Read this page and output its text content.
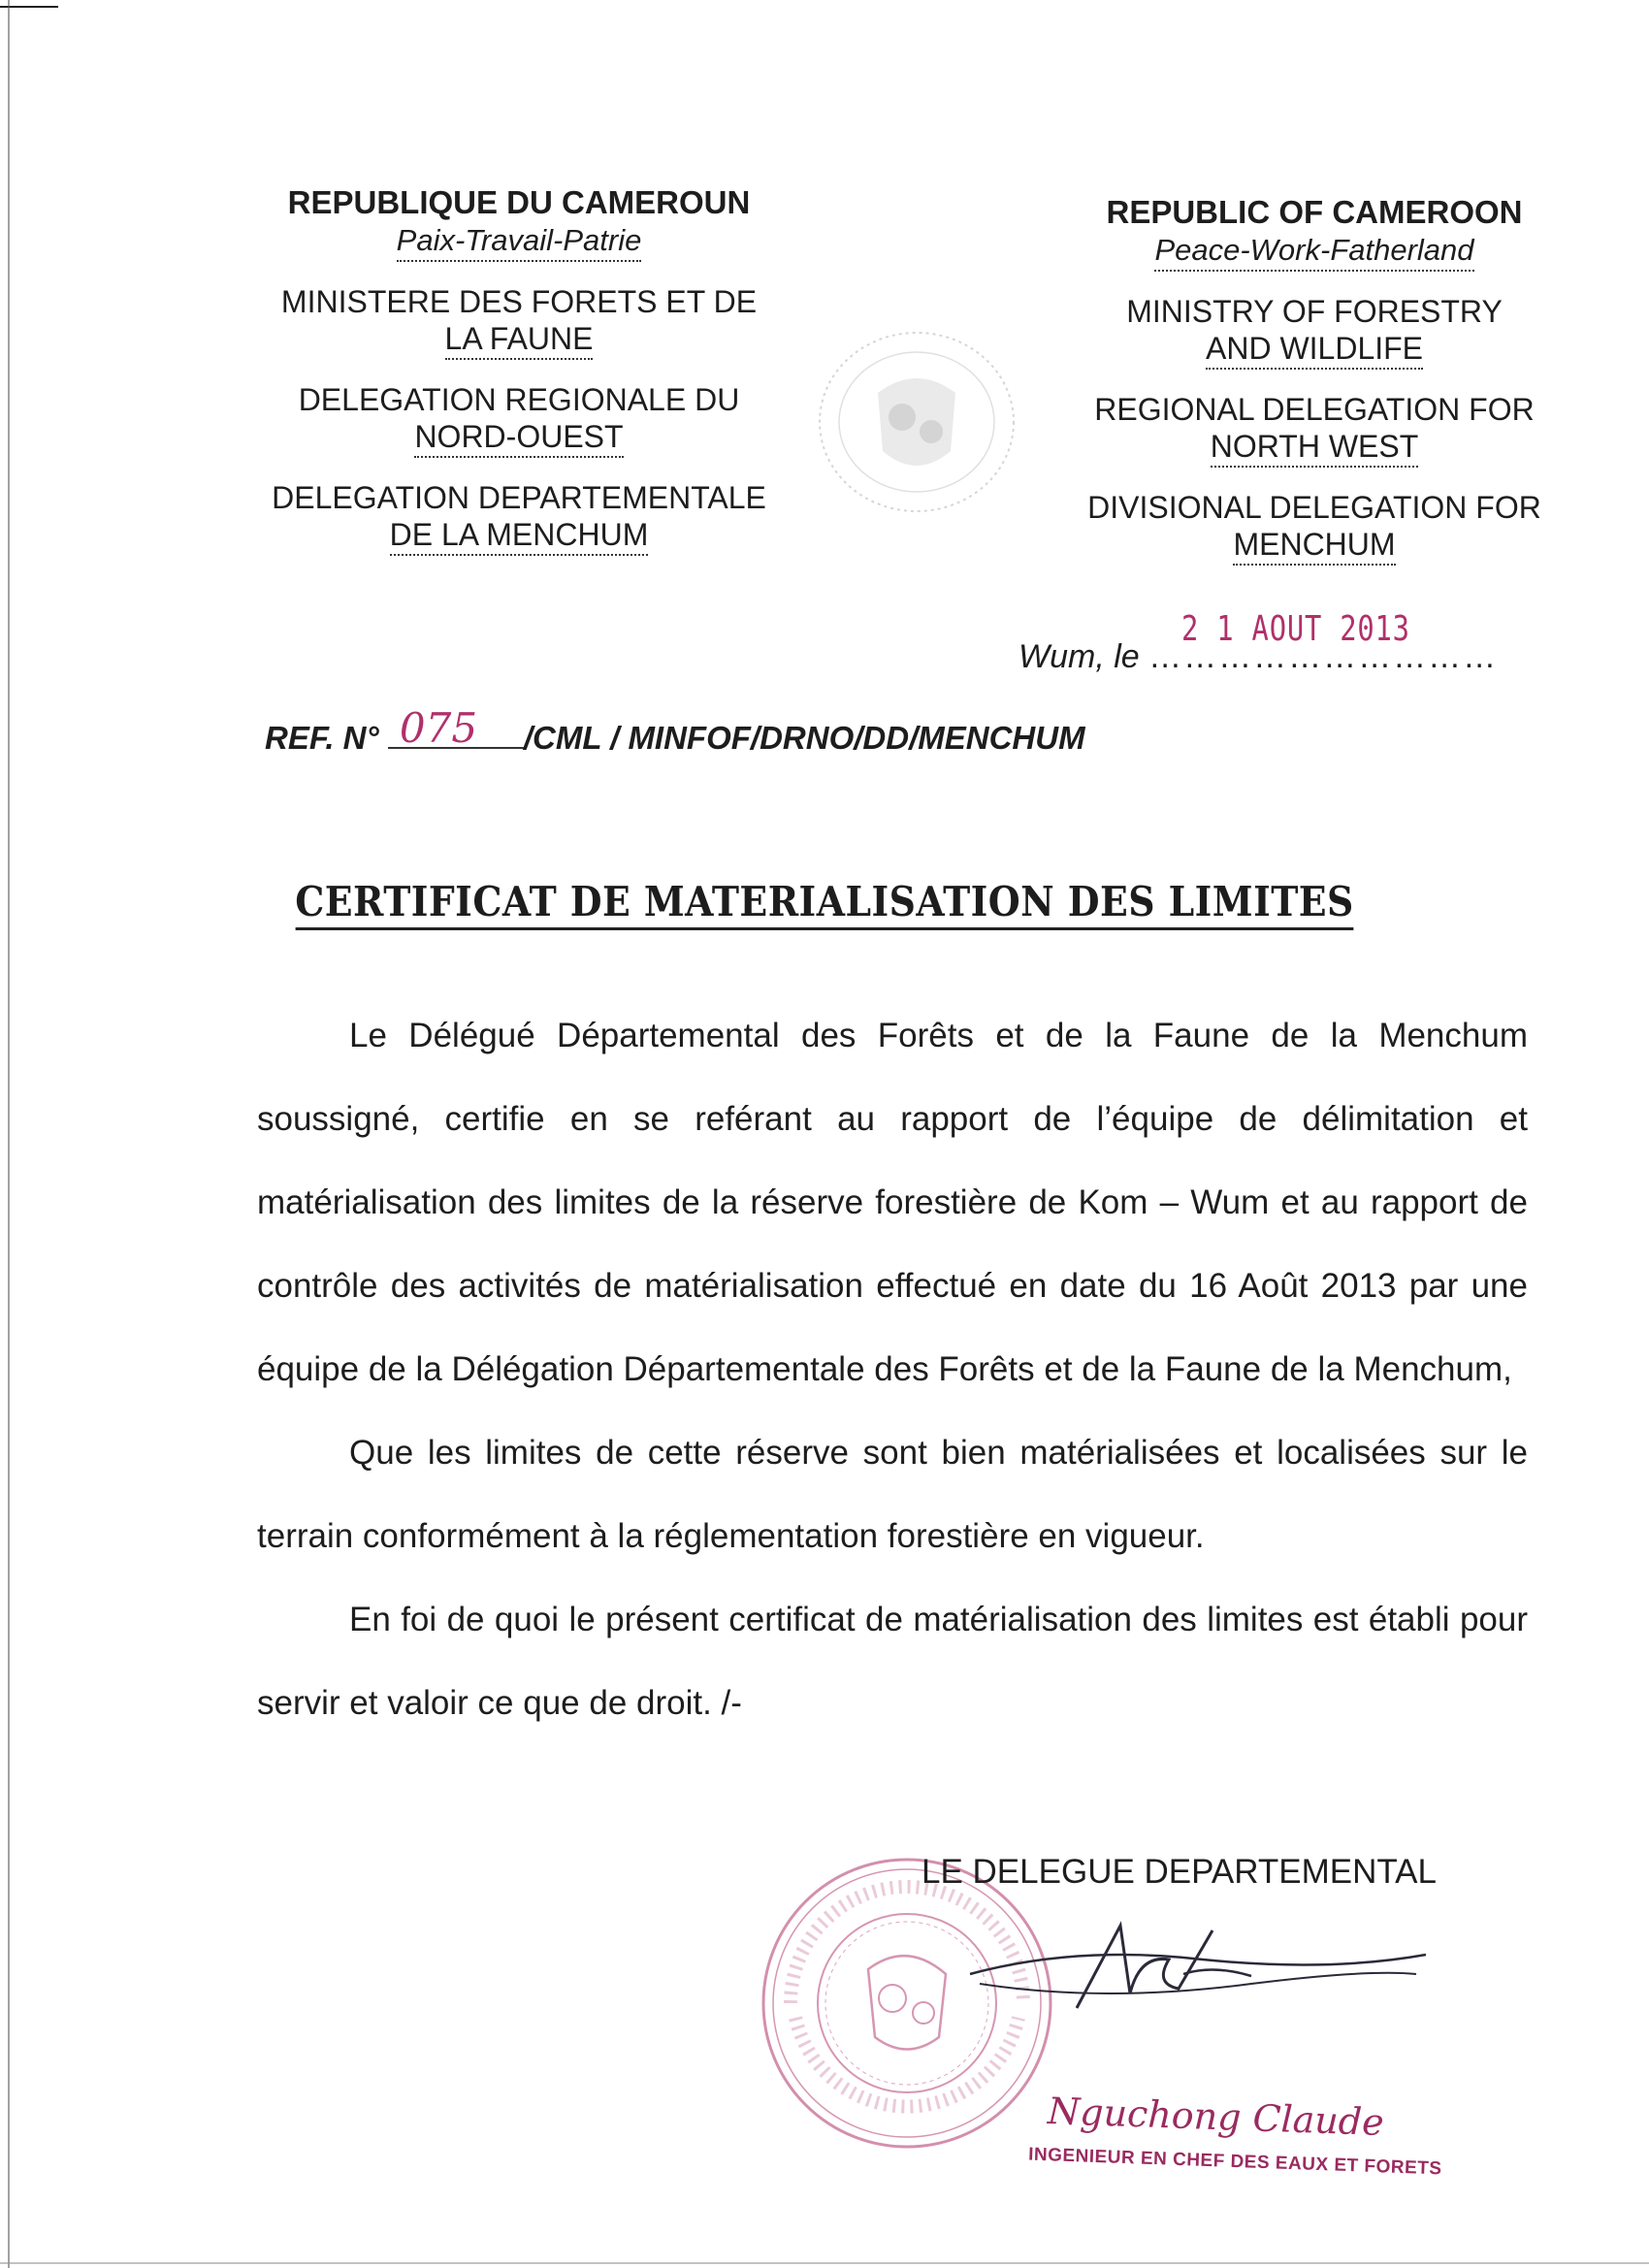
REPUBLIQUE DU CAMEROUN
Paix-Travail-Patrie
MINISTERE DES FORETS ET DE
LA FAUNE
DELEGATION REGIONALE DU
NORD-OUEST
DELEGATION DEPARTEMENTALE
DE LA MENCHUM
REPUBLIC OF CAMEROON
Peace-Work-Fatherland
MINISTRY OF FORESTRY
AND WILDLIFE
REGIONAL DELEGATION FOR
NORTH WEST
DIVISIONAL DELEGATION FOR
MENCHUM
2 1 AOUT 2013
Wum, le …………………………
REF. N° 075 /CML / MINFOF/DRNO/DD/MENCHUM
CERTIFICAT DE MATERIALISATION DES LIMITES

Le Délégué Départemental des Forêts et de la Faune de la Menchum soussigné, certifie en se reférant au rapport de l’équipe de délimitation et matérialisation des limites de la réserve forestière de Kom – Wum et au rapport de contrôle des activités de matérialisation effectué en date du 16 Août 2013 par une équipe de la Délégation Départementale des Forêts et de la Faune de la Menchum,

Que les limites de cette réserve sont bien matérialisées et localisées sur le terrain conformément à la réglementation forestière en vigueur.

En foi de quoi le présent certificat de matérialisation des limites est établi pour servir et valoir ce que de droit. /-

LE DELEGUE DEPARTEMENTAL
Nguchong Claude
INGENIEUR EN CHEF DES EAUX ET FORETS
